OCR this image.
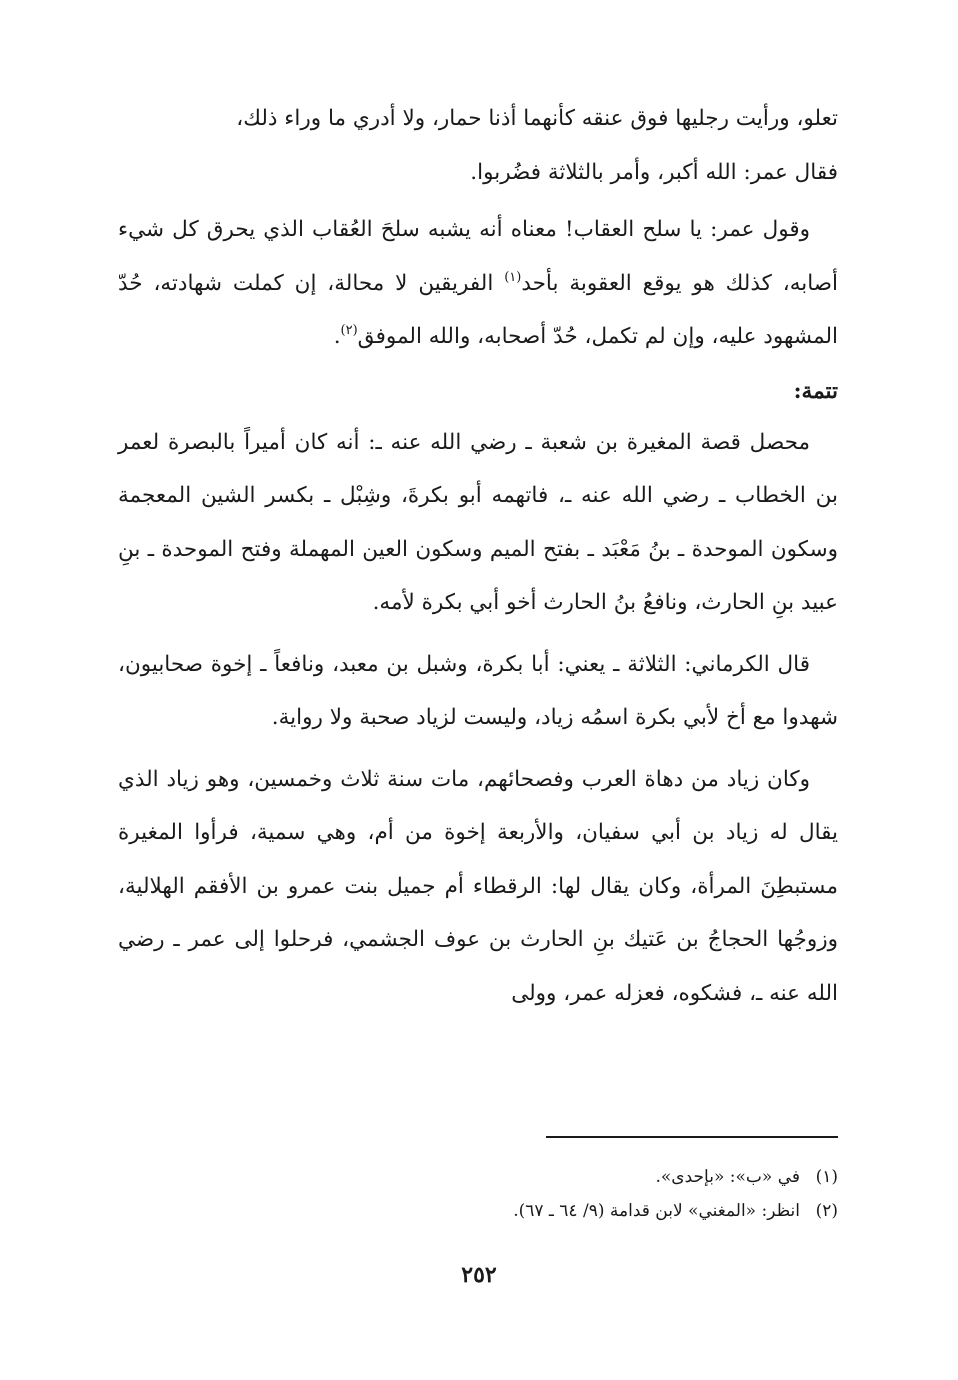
تعلو، ورأيت رجليها فوق عنقه كأنهما أذنا حمار، ولا أدري ما وراء ذلك،
فقال عمر: الله أكبر، وأمر بالثلاثة فضُربوا.

وقول عمر: يا سلح العقاب! معناه أنه يشبه سلحَ العُقاب الذي يحرق كل شيء أصابه، كذلك هو يوقع العقوبة بأحد$^{(١)}$ الفريقين لا محالة، إن كملت شهادته، حُدّ المشهود عليه، وإن لم تكمل، حُدّ أصحابه، والله الموفق$^{(٢)}$.

تتمة:

محصل قصة المغيرة بن شعبة ـ رضي الله عنه ـ: أنه كان أميراً بالبصرة لعمر بن الخطاب ـ رضي الله عنه ـ، فاتهمه أبو بكرةَ، وشِبْل ـ بكسر الشين المعجمة وسكون الموحدة ـ بنُ مَعْبَد ـ بفتح الميم وسكون العين المهملة وفتح الموحدة ـ بنِ عبيد بنِ الحارث، ونافعُ بنُ الحارث أخو أبي بكرة لأمه.

قال الكرماني: الثلاثة ـ يعني: أبا بكرة، وشبل بن معبد، ونافعاً ـ إخوة صحابيون، شهدوا مع أخ لأبي بكرة اسمُه زياد، وليست لزياد صحبة ولا رواية.

وكان زياد من دهاة العرب وفصحائهم، مات سنة ثلاث وخمسين، وهو زياد الذي يقال له زياد بن أبي سفيان، والأربعة إخوة من أم، وهي سمية، فرأوا المغيرة مستبطِنَ المرأة، وكان يقال لها: الرقطاء أم جميل بنت عمرو بن الأفقم الهلالية، وزوجُها الحجاجُ بن عَتيك بنِ الحارث بن عوف الجشمي، فرحلوا إلى عمر ـ رضي الله عنه ـ، فشكوه، فعزله عمر، وولى

(١)في «ب»: «بإحدى».
(٢)انظر: «المغني» لابن قدامة (٩/ ٦٤ ـ ٦٧).
٢٥٢
